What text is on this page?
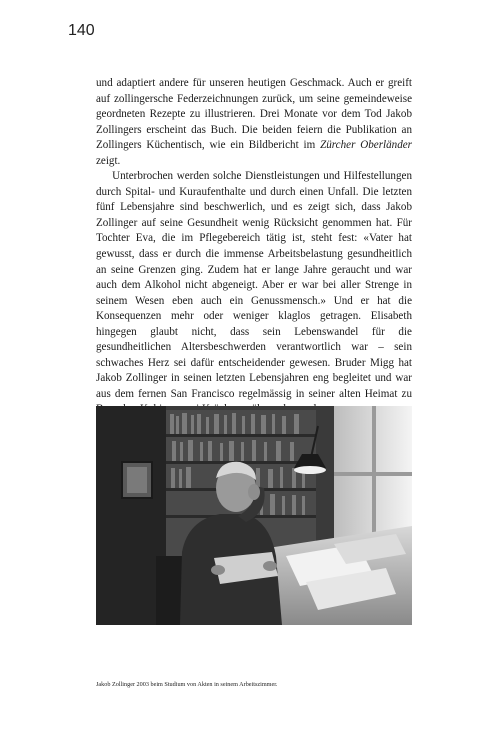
140

und adaptiert andere für unseren heutigen Geschmack. Auch er greift auf zollingersche Federzeichnungen zurück, um seine gemeindeweise geordneten Rezepte zu illustrieren. Drei Monate vor dem Tod Jakob Zollingers erscheint das Buch. Die beiden feiern die Publikation an Zollingers Küchentisch, wie ein Bildbericht im Zürcher Oberländer zeigt.

Unterbrochen werden solche Dienstleistungen und Hilfestellungen durch Spital- und Kuraufenthalte und durch einen Unfall. Die letzten fünf Lebensjahre sind beschwerlich, und es zeigt sich, dass Jakob Zollinger auf seine Gesundheit wenig Rücksicht genommen hat. Für Tochter Eva, die im Pflegebereich tätig ist, steht fest: «Vater hat gewusst, dass er durch die immense Arbeitsbelastung gesundheitlich an seine Grenzen ging. Zudem hat er lange Jahre geraucht und war auch dem Alkohol nicht abgeneigt. Aber er war bei aller Strenge in seinem Wesen eben auch ein Genussmensch.» Und er hat die Konsequenzen mehr oder weniger klaglos getragen. Elisabeth hingegen glaubt nicht, dass sein Lebenswandel für die gesundheitlichen Altersbeschwerden verantwortlich war – sein schwaches Herz sei dafür entscheidender gewesen. Bruder Migg hat Jakob Zollinger in seinen letzten Lebensjahren eng begleitet und war aus dem fernen San Francisco regelmässig in seiner alten Heimat zu

Jakob Zollinger 2003 beim Studium von Akten in seinem Arbeitszimmer.
